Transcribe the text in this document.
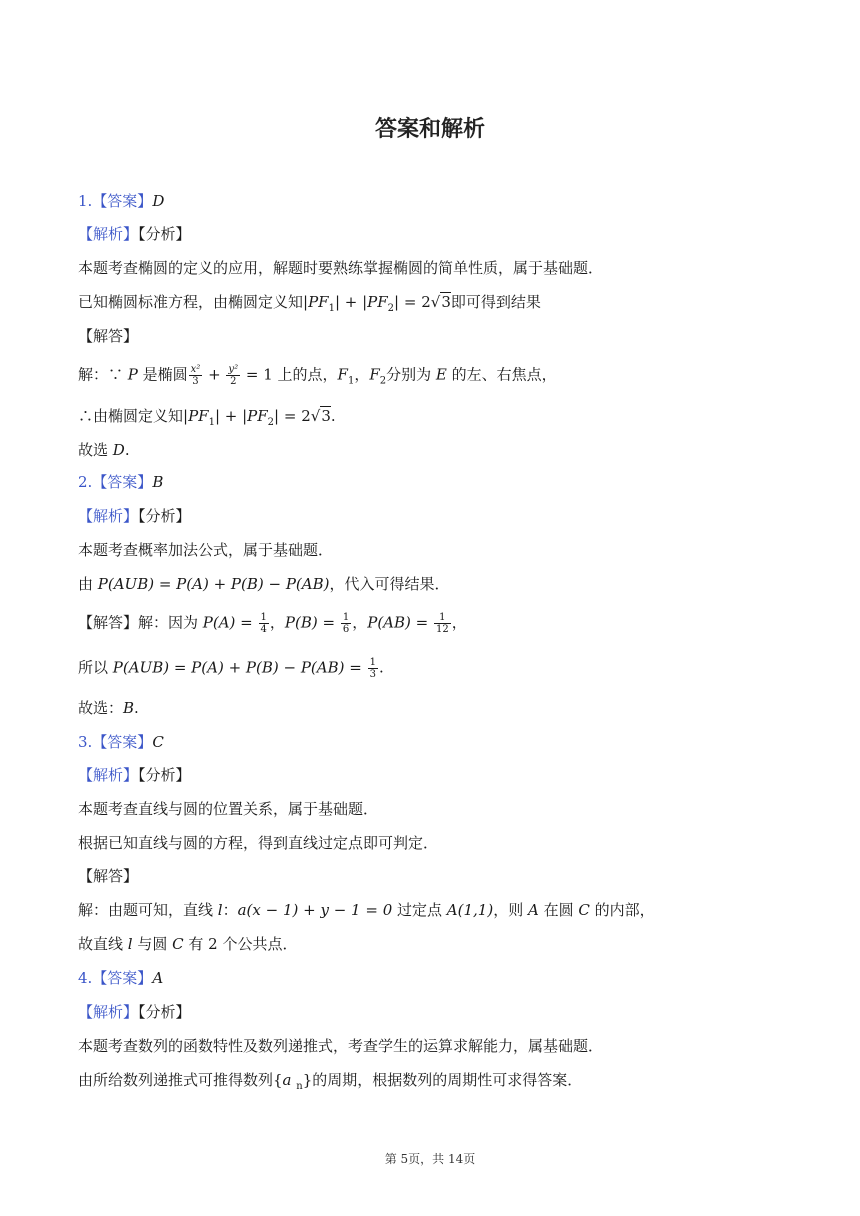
答案和解析
1.【答案】D
【解析】【分析】
本题考查椭圆的定义的应用，解题时要熟练掌握椭圆的简单性质，属于基础题．
已知椭圆标准方程，由椭圆定义知$|PF_1| + |PF_2| = 2√3$即可得到结果
【解答】
解：∵ P 是椭圆 $\frac{\text{x²}}{3} + \frac{\text{y²}}{2} = 1$ 上的点，$F_1$，$F_2$分别为 E 的左、右焦点，
∴由椭圆定义知$|PF_1| + |PF_2| = 2√3$.
故选 D.
2.【答案】B
【解析】【分析】
本题考查概率加法公式，属于基础题．
由 P(AUB) = P(A) + P(B) − P(AB)，代入可得结果．
【解答】解：因为 $P(A) = \frac{1}{4}$ ，$P(B) = \frac{1}{6}$ ，$P(AB) = \frac{1}{12}$ ，
所以 $P(AUB) = P(A) + P(B) - P(AB) = \frac{1}{3}$ .
故选：B.
3.【答案】C
【解析】【分析】
本题考查直线与圆的位置关系，属于基础题．
根据已知直线与圆的方程，得到直线过定点即可判定．
【解答】
解：由题可知，直线 l：a(x − 1) + y − 1 = 0 过定点 A(1,1)，则 A 在圆 C 的内部，
故直线 l 与圆 C 有 2 个公共点．
4.【答案】A
【解析】【分析】
本题考查数列的函数特性及数列递推式，考查学生的运算求解能力，属基础题．
由所给数列递推式可推得数列{a $_n$}的周期，根据数列的周期性可求得答案．
第 5页，共 14页
